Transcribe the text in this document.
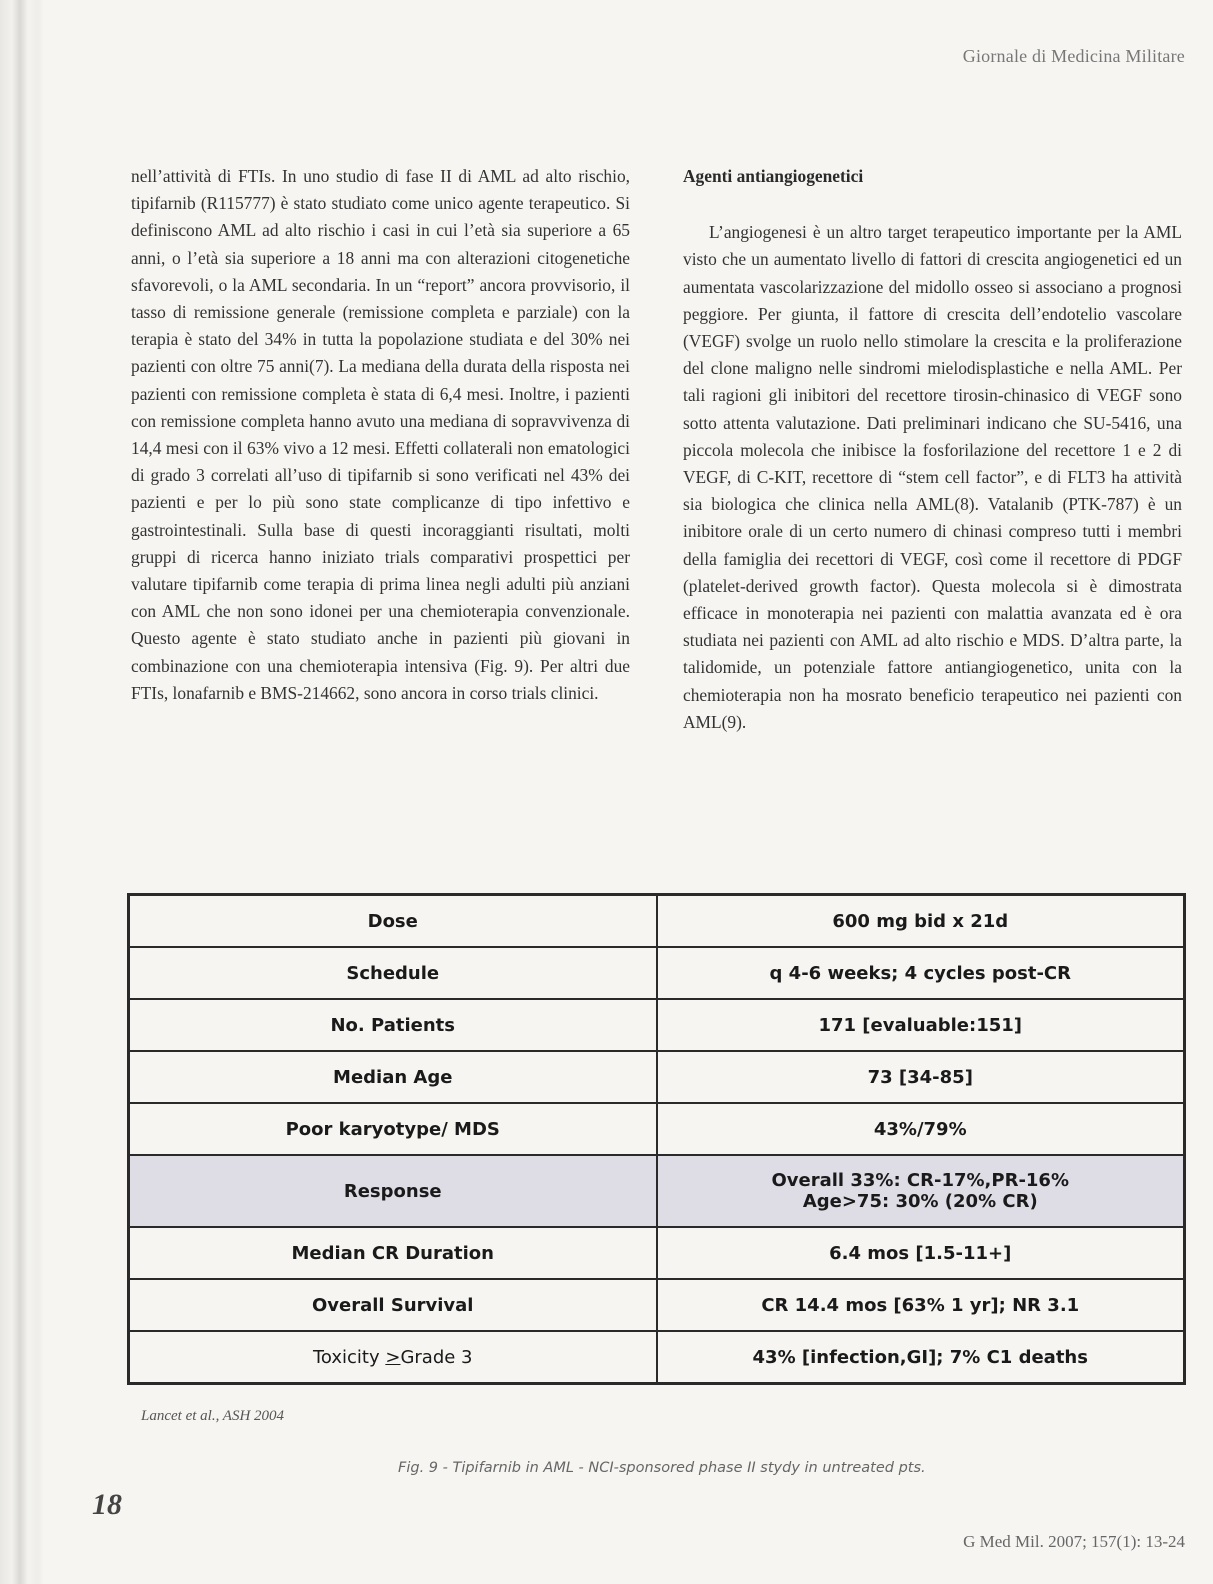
Giornale di Medicina Militare

nell’attività di FTIs. In uno studio di fase II di AML ad alto rischio, tipifarnib (R115777) è stato studiato come unico agente terapeutico. Si definiscono AML ad alto rischio i casi in cui l’età sia superiore a 65 anni, o l’età sia superiore a 18 anni ma con alterazioni citogenetiche sfavorevoli, o la AML secondaria. In un “report” ancora provvisorio, il tasso di remissione generale (remissione completa e parziale) con la terapia è stato del 34% in tutta la popolazione studiata e del 30% nei pazienti con oltre 75 anni(7). La mediana della durata della risposta nei pazienti con remissione completa è stata di 6,4 mesi. Inoltre, i pazienti con remissione completa hanno avuto una mediana di sopravvivenza di 14,4 mesi con il 63% vivo a 12 mesi. Effetti collaterali non ematologici di grado 3 correlati all’uso di tipifarnib si sono verificati nel 43% dei pazienti e per lo più sono state complicanze di tipo infettivo e gastrointestinali. Sulla base di questi incoraggianti risultati, molti gruppi di ricerca hanno iniziato trials comparativi prospettici per valutare tipifarnib come terapia di prima linea negli adulti più anziani con AML che non sono idonei per una chemioterapia convenzionale. Questo agente è stato studiato anche in pazienti più giovani in combinazione con una chemioterapia intensiva (Fig. 9). Per altri due FTIs, lonafarnib e BMS-214662, sono ancora in corso trials clinici.

Agenti antiangiogenetici

L’angiogenesi è un altro target terapeutico importante per la AML visto che un aumentato livello di fattori di crescita angiogenetici ed un aumentata vascolarizzazione del midollo osseo si associano a prognosi peggiore. Per giunta, il fattore di crescita dell’endotelio vascolare (VEGF) svolge un ruolo nello stimolare la crescita e la proliferazione del clone maligno nelle sindromi mielodisplastiche e nella AML. Per tali ragioni gli inibitori del recettore tirosin-chinasico di VEGF sono sotto attenta valutazione. Dati preliminari indicano che SU-5416, una piccola molecola che inibisce la fosforilazione del recettore 1 e 2 di VEGF, di C-KIT, recettore di “stem cell factor”, e di FLT3 ha attività sia biologica che clinica nella AML(8). Vatalanib (PTK-787) è un inibitore orale di un certo numero di chinasi compreso tutti i membri della famiglia dei recettori di VEGF, così come il recettore di PDGF (platelet-derived growth factor). Questa molecola si è dimostrata efficace in monoterapia nei pazienti con malattia avanzata ed è ora studiata nei pazienti con AML ad alto rischio e MDS. D’altra parte, la talidomide, un potenziale fattore antiangiogenetico, unita con la chemioterapia non ha mosrato beneficio terapeutico nei pazienti con AML(9).

Dose	600 mg bid x 21d
Schedule	q 4-6 weeks; 4 cycles post-CR
No. Patients	171 [evaluable:151]
Median Age	73 [34-85]
Poor karyotype/ MDS	43%/79%
Response	Overall 33%: CR-17%,PR-16%
Age>75: 30% (20% CR)

Median CR Duration	6.4 mos [1.5-11+]
Overall Survival	CR 14.4 mos [63% 1 yr]; NR 3.1
Toxicity >Grade 3	43% [infection,GI]; 7% C1 deaths
Lancet et al., ASH 2004
Fig. 9 - Tipifarnib in AML - NCI-sponsored phase II stydy in untreated pts.
18
G Med Mil. 2007; 157(1): 13-24
